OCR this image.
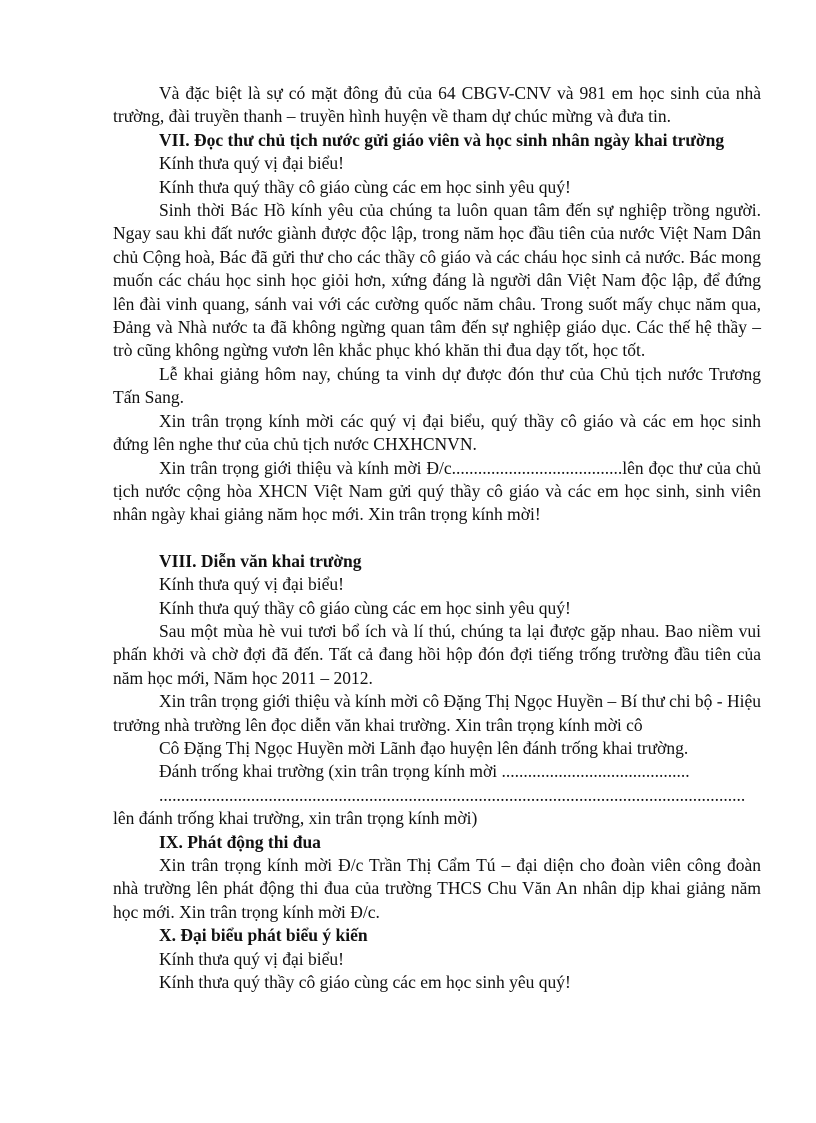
Và đặc biệt là sự có mặt đông đủ của 64 CBGV-CNV và 981 em học sinh của nhà trường, đài truyền thanh – truyền hình huyện về tham dự chúc mừng và đưa tin.

VII. Đọc thư chủ tịch nước gửi giáo viên và học sinh nhân ngày khai trường

Kính thưa quý vị đại biểu!

Kính thưa quý thầy cô giáo cùng các em học sinh yêu quý!

Sinh thời Bác Hồ kính yêu của chúng ta luôn quan tâm đến sự nghiệp trồng người. Ngay sau khi đất nước giành được độc lập, trong năm học đầu tiên của nước Việt Nam Dân chủ Cộng hoà, Bác đã gửi thư cho các thầy cô giáo và các cháu học sinh cả nước. Bác mong muốn các cháu học sinh học giỏi hơn, xứng đáng là người dân Việt Nam độc lập, để đứng lên đài vinh quang, sánh vai với các cường quốc năm châu. Trong suốt mấy chục năm qua, Đảng và Nhà nước ta đã không ngừng quan tâm đến sự nghiệp giáo dục. Các thế hệ thầy – trò cũng không ngừng vươn lên khắc phục khó khăn thi đua dạy tốt, học tốt.

Lễ khai giảng hôm nay, chúng ta vinh dự được đón thư của Chủ tịch nước Trương Tấn Sang.

Xin trân trọng kính mời các quý vị đại biểu, quý thầy cô giáo và các em học sinh đứng lên nghe thư của chủ tịch nước CHXHCNVN.

Xin trân trọng giới thiệu và kính mời Đ/c.......................................lên đọc thư của chủ tịch nước cộng hòa XHCN Việt Nam gửi quý thầy cô giáo và các em học sinh, sinh viên nhân ngày khai giảng năm học mới. Xin trân trọng kính mời!

VIII. Diễn văn khai trường

Kính thưa quý vị đại biểu!

Kính thưa quý thầy cô giáo cùng các em học sinh yêu quý!

Sau một mùa hè vui tươi bổ ích và lí thú, chúng ta lại được gặp nhau. Bao niềm vui phấn khởi và chờ đợi đã đến. Tất cả đang hồi hộp đón đợi tiếng trống trường đầu tiên của năm học mới, Năm học 2011 – 2012.

Xin trân trọng giới thiệu và kính mời cô Đặng Thị Ngọc Huyền – Bí thư chi bộ - Hiệu trưởng nhà trường lên đọc diễn văn khai trường. Xin trân trọng kính mời cô

Cô Đặng Thị Ngọc Huyền mời Lãnh đạo huyện lên đánh trống khai trường.

Đánh trống khai trường (xin trân trọng kính mời ...........................................

......................................................................................................................................

lên đánh trống khai trường, xin trân trọng kính mời)

IX. Phát động thi đua

Xin trân trọng kính mời Đ/c Trần Thị Cẩm Tú – đại diện cho đoàn viên công đoàn nhà trường lên phát động thi đua của trường THCS Chu Văn An nhân dịp khai giảng năm học mới. Xin trân trọng kính mời Đ/c.

X. Đại biểu phát biểu ý kiến

Kính thưa quý vị đại biểu!

Kính thưa quý thầy cô giáo cùng các em học sinh yêu quý!
